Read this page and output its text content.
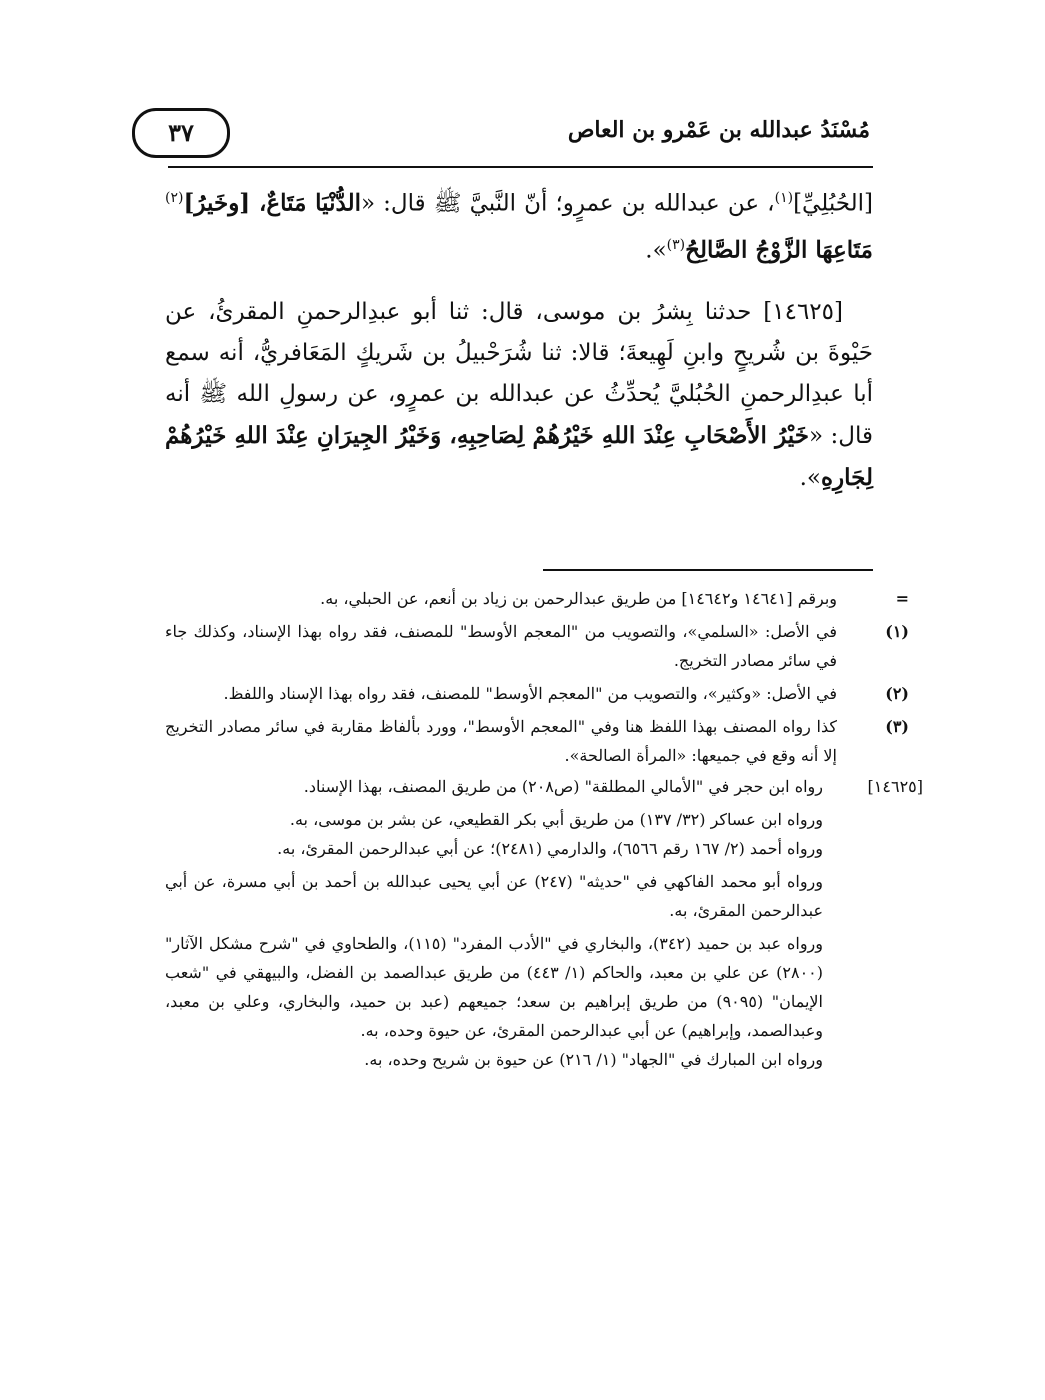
مُسْنَدُ عبدالله بن عَمْرو بن العاص
٣٧
[الحُبُلِيِّ]$^{(١)}$، عن عبدالله بن عمرٍو؛ أنّ النَّبيَّ ﷺ قال: «الدُّنْيَا مَتَاعٌ، [وخَيرُ]$^{(٢)}$ مَتَاعِهَا الزَّوْجُ الصَّالِحُ$^{(٣)}$».
[١٤٦٢٥] حدثنا بِشرُ بن موسى، قال: ثنا أبو عبدِالرحمنِ المقرئُ، عن حَيْوةَ بن شُريحٍ وابنِ لَهِيعةَ؛ قالا: ثنا شُرَحْبيلُ بن شَريكٍ المَعَافريُّ، أنه سمع أبا عبدِالرحمنِ الحُبُليَّ يُحدِّثُ عن عبدالله بن عمرٍو، عن رسولِ الله ﷺ أنه قال: «خَيْرُ الأَصْحَابِ عِنْدَ اللهِ خَيْرُهُمْ لِصَاحِبِهِ، وَخَيْرُ الجِيرَانِ عِنْدَ اللهِ خَيْرُهُمْ لِجَارِهِ».
=وبرقم [١٤٦٤١ و١٤٦٤٢] من طريق عبدالرحمن بن زياد بن أنعم، عن الحبلي، به.
(١)في الأصل: «السلمي»، والتصويب من "المعجم الأوسط" للمصنف، فقد رواه بهذا الإسناد، وكذلك جاء في سائر مصادر التخريج.
(٢)في الأصل: «وكثير»، والتصويب من "المعجم الأوسط" للمصنف، فقد رواه بهذا الإسناد واللفظ.
(٣)كذا رواه المصنف بهذا اللفظ هنا وفي "المعجم الأوسط"، وورد بألفاظ مقاربة في سائر مصادر التخريج إلا أنه وقع في جميعها: «المرأة الصالحة».
[١٤٦٢٥]رواه ابن حجر في "الأمالي المطلقة" (ص٢٠٨) من طريق المصنف، بهذا الإسناد.
ورواه ابن عساكر (٣٢/ ١٣٧) من طريق أبي بكر القطيعي، عن بشر بن موسى، به.
ورواه أحمد (٢/ ١٦٧ رقم ٦٥٦٦)، والدارمي (٢٤٨١)؛ عن أبي عبدالرحمن المقرئ، به.
ورواه أبو محمد الفاكهي في "حديثه" (٢٤٧) عن أبي يحيى عبدالله بن أحمد بن أبي مسرة، عن أبي عبدالرحمن المقرئ، به.
ورواه عبد بن حميد (٣٤٢)، والبخاري في "الأدب المفرد" (١١٥)، والطحاوي في "شرح مشكل الآثار" (٢٨٠٠) عن علي بن معبد، والحاكم (١/ ٤٤٣) من طريق عبدالصمد بن الفضل، والبيهقي في "شعب الإيمان" (٩٠٩٥) من طريق إبراهيم بن سعد؛ جميعهم (عبد بن حميد، والبخاري، وعلي بن معبد، وعبدالصمد، وإبراهيم) عن أبي عبدالرحمن المقرئ، عن حيوة وحده، به.
ورواه ابن المبارك في "الجهاد" (١/ ٢١٦) عن حيوة بن شريح وحده، به.
